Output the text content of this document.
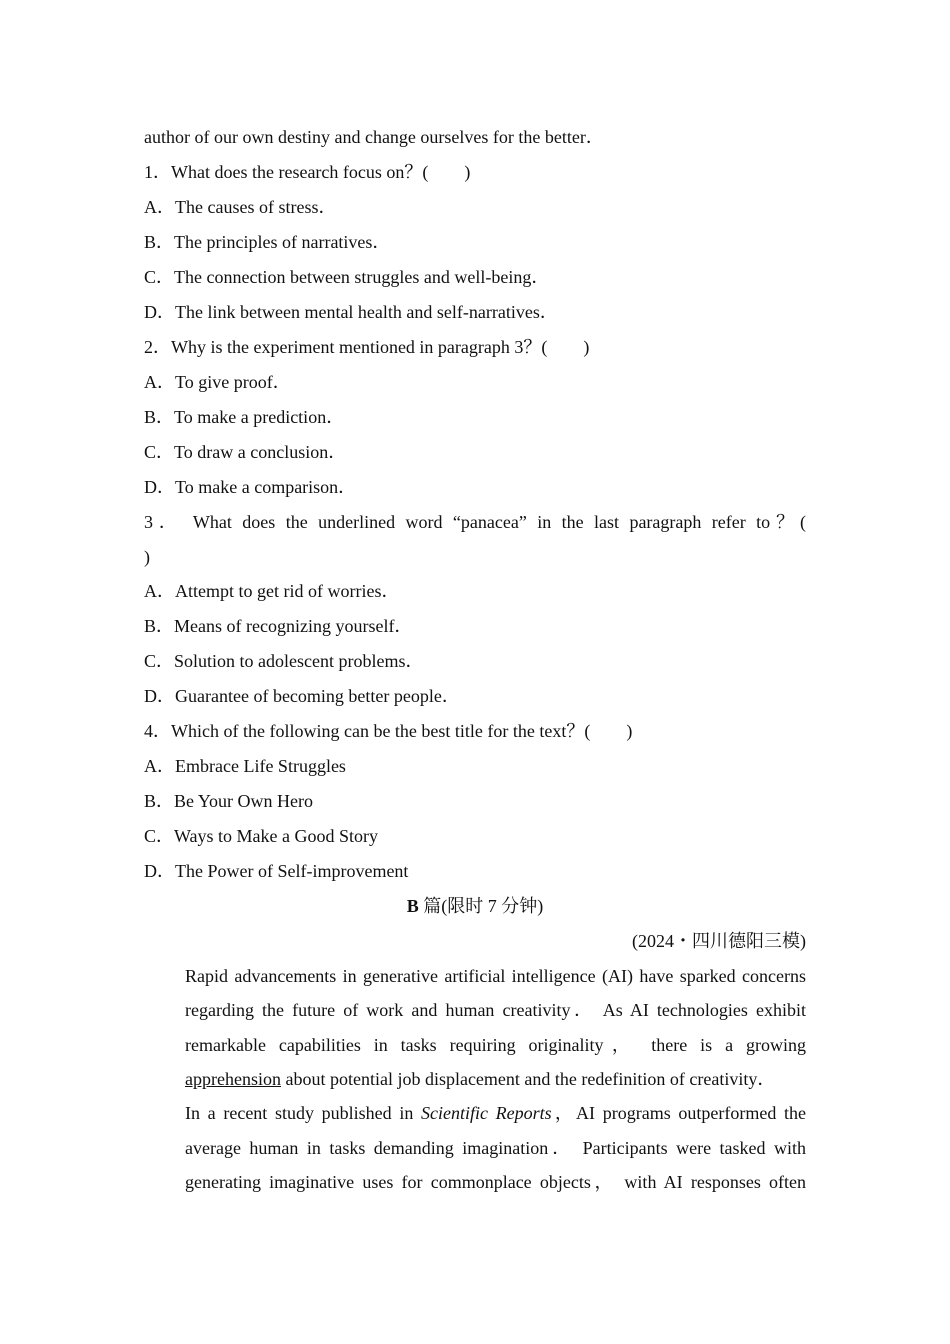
author of our own destiny and change ourselves for the better．
1．What does the research focus on？(　　)
A．The causes of stress．
B．The principles of narratives．
C．The connection between struggles and well-being．
D．The link between mental health and self-narratives．
2．Why is the experiment mentioned in paragraph 3？(　　)
A．To give proof．
B．To make a prediction．
C．To draw a conclusion．
D．To make a comparison．
3． What does the underlined word “panacea” in the last paragraph refer to？(
)
A．Attempt to get rid of worries．
B．Means of recognizing yourself．
C．Solution to adolescent problems．
D．Guarantee of becoming better people．
4．Which of the following can be the best title for the text？(　　)
A．Embrace Life Struggles
B．Be Your Own Hero
C．Ways to Make a Good Story
D．The Power of Self-improvement
B 篇(限时 7 分钟)
(2024・四川德阳三模)
Rapid advancements in generative artificial intelligence (AI) have sparked concerns regarding the future of work and human creativity． As AI technologies exhibit remarkable capabilities in tasks requiring originality， there is a growing apprehension about potential job displacement and the redefinition of creativity．
In a recent study published in Scientific Reports，AI programs outperformed the average human in tasks demanding imagination． Participants were tasked with generating imaginative uses for commonplace objects， with AI responses often
